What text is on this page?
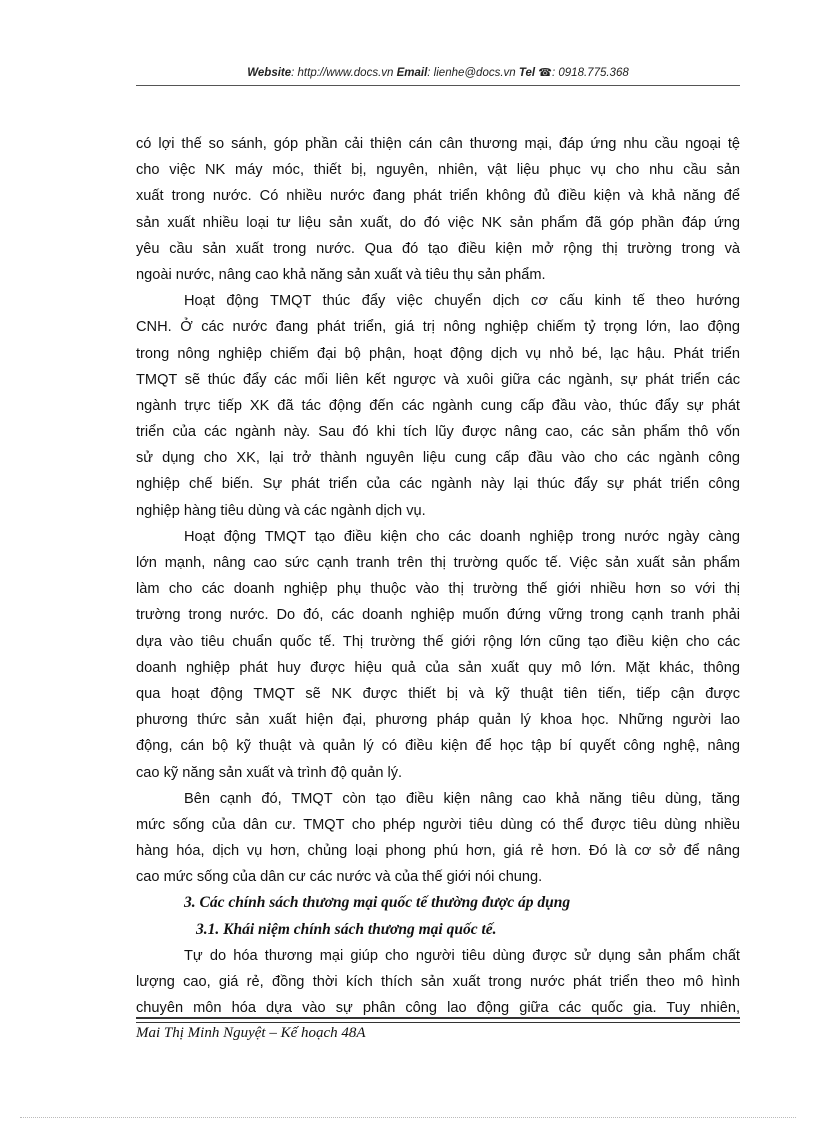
Website: http://www.docs.vn Email: lienhe@docs.vn Tel ☎: 0918.775.368
có lợi thế so sánh, góp phần cải thiện cán cân thương mại, đáp ứng nhu cầu ngoại tệ
cho việc NK máy móc, thiết bị, nguyên, nhiên, vật liệu phục vụ cho nhu cầu sản
xuất trong nước. Có nhiều nước đang phát triển không đủ điều kiện và khả năng để
sản xuất nhiều loại tư liệu sản xuất, do đó việc NK sản phẩm đã góp phần đáp ứng
yêu cầu sản xuất trong nước. Qua đó tạo điều kiện mở rộng thị trường trong và
ngoài nước, nâng cao khả năng sản xuất và tiêu thụ sản phẩm.
Hoạt động TMQT thúc đẩy việc chuyển dịch cơ cấu kinh tế theo hướng
CNH. Ở các nước đang phát triển, giá trị nông nghiệp chiếm tỷ trọng lớn, lao động
trong nông nghiệp chiếm đại bộ phận, hoạt động dịch vụ nhỏ bé, lạc hậu. Phát triển
TMQT sẽ thúc đẩy các mối liên kết ngược và xuôi giữa các ngành, sự phát triển các
ngành trực tiếp XK đã tác động đến các ngành cung cấp đầu vào, thúc đẩy sự phát
triển của các ngành này. Sau đó khi tích lũy được nâng cao, các sản phẩm thô vốn
sử dụng cho XK, lại trở thành nguyên liệu cung cấp đầu vào cho các ngành công
nghiệp chế biến. Sự phát triển của các ngành này lại thúc đẩy sự phát triển công
nghiệp hàng tiêu dùng và các ngành dịch vụ.
Hoạt động TMQT tạo điều kiện cho các doanh nghiệp trong nước ngày càng
lớn mạnh, nâng cao sức cạnh tranh trên thị trường quốc tế. Việc sản xuất sản phẩm
làm cho các doanh nghiệp phụ thuộc vào thị trường thế giới nhiều hơn so với thị
trường trong nước. Do đó, các doanh nghiệp muốn đứng vững trong cạnh tranh phải
dựa vào tiêu chuẩn quốc tế. Thị trường thế giới rộng lớn cũng tạo điều kiện cho các
doanh nghiệp phát huy được hiệu quả của sản xuất quy mô lớn. Mặt khác, thông
qua hoạt động TMQT sẽ NK được thiết bị và kỹ thuật tiên tiến, tiếp cận được
phương thức sản xuất hiện đại, phương pháp quản lý khoa học. Những người lao
động, cán bộ kỹ thuật và quản lý có điều kiện để học tập bí quyết công nghệ, nâng
cao kỹ năng sản xuất và trình độ quản lý.
Bên cạnh đó, TMQT còn tạo điều kiện nâng cao khả năng tiêu dùng, tăng
mức sống của dân cư. TMQT cho phép người tiêu dùng có thể được tiêu dùng nhiều
hàng hóa, dịch vụ hơn, chủng loại phong phú hơn, giá rẻ hơn. Đó là cơ sở để nâng
cao mức sống của dân cư các nước và của thế giới nói chung.
3. Các chính sách thương mại quốc tế thường được áp dụng
3.1. Khái niệm chính sách thương mại quốc tế.
Tự do hóa thương mại giúp cho người tiêu dùng được sử dụng sản phẩm chất
lượng cao, giá rẻ, đồng thời kích thích sản xuất trong nước phát triển theo mô hình
chuyên môn hóa dựa vào sự phân công lao động giữa các quốc gia. Tuy nhiên,
Mai Thị Minh Nguyệt – Kế hoạch 48A
